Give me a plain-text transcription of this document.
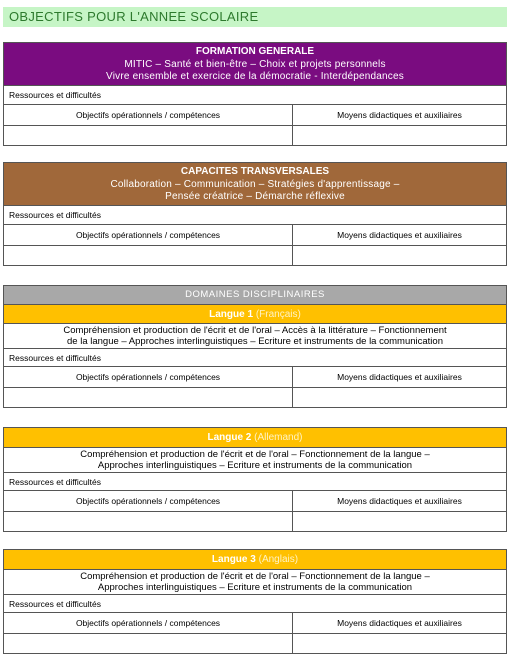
OBJECTIFS POUR L'ANNEE SCOLAIRE
FORMATION GENERALE
MITIC – Santé et bien-être – Choix et projets personnels
Vivre ensemble et exercice de la démocratie - Interdépendances
Ressources et difficultés
Objectifs opérationnels / compétences	Moyens didactiques et auxiliaires
CAPACITES TRANSVERSALES
Collaboration – Communication – Stratégies d'apprentissage –
Pensée créatrice – Démarche réflexive
Ressources et difficultés
Objectifs opérationnels / compétences	Moyens didactiques et auxiliaires
DOMAINES DISCIPLINAIRES
Langue 1 (Français)
Compréhension et production de l'écrit et de l'oral – Accès à la littérature – Fonctionnement
de la langue – Approches interlinguistiques – Ecriture et instruments de la communication
Ressources et difficultés
Objectifs opérationnels / compétences	Moyens didactiques et auxiliaires
Langue 2 (Allemand)
Compréhension et production de l'écrit et de l'oral – Fonctionnement de la langue –
Approches interlinguistiques – Ecriture et instruments de la communication
Ressources et difficultés
Objectifs opérationnels / compétences	Moyens didactiques et auxiliaires
Langue 3 (Anglais)
Compréhension et production de l'écrit et de l'oral – Fonctionnement de la langue –
Approches interlinguistiques – Ecriture et instruments de la communication
Ressources et difficultés
Objectifs opérationnels / compétences	Moyens didactiques et auxiliaires
